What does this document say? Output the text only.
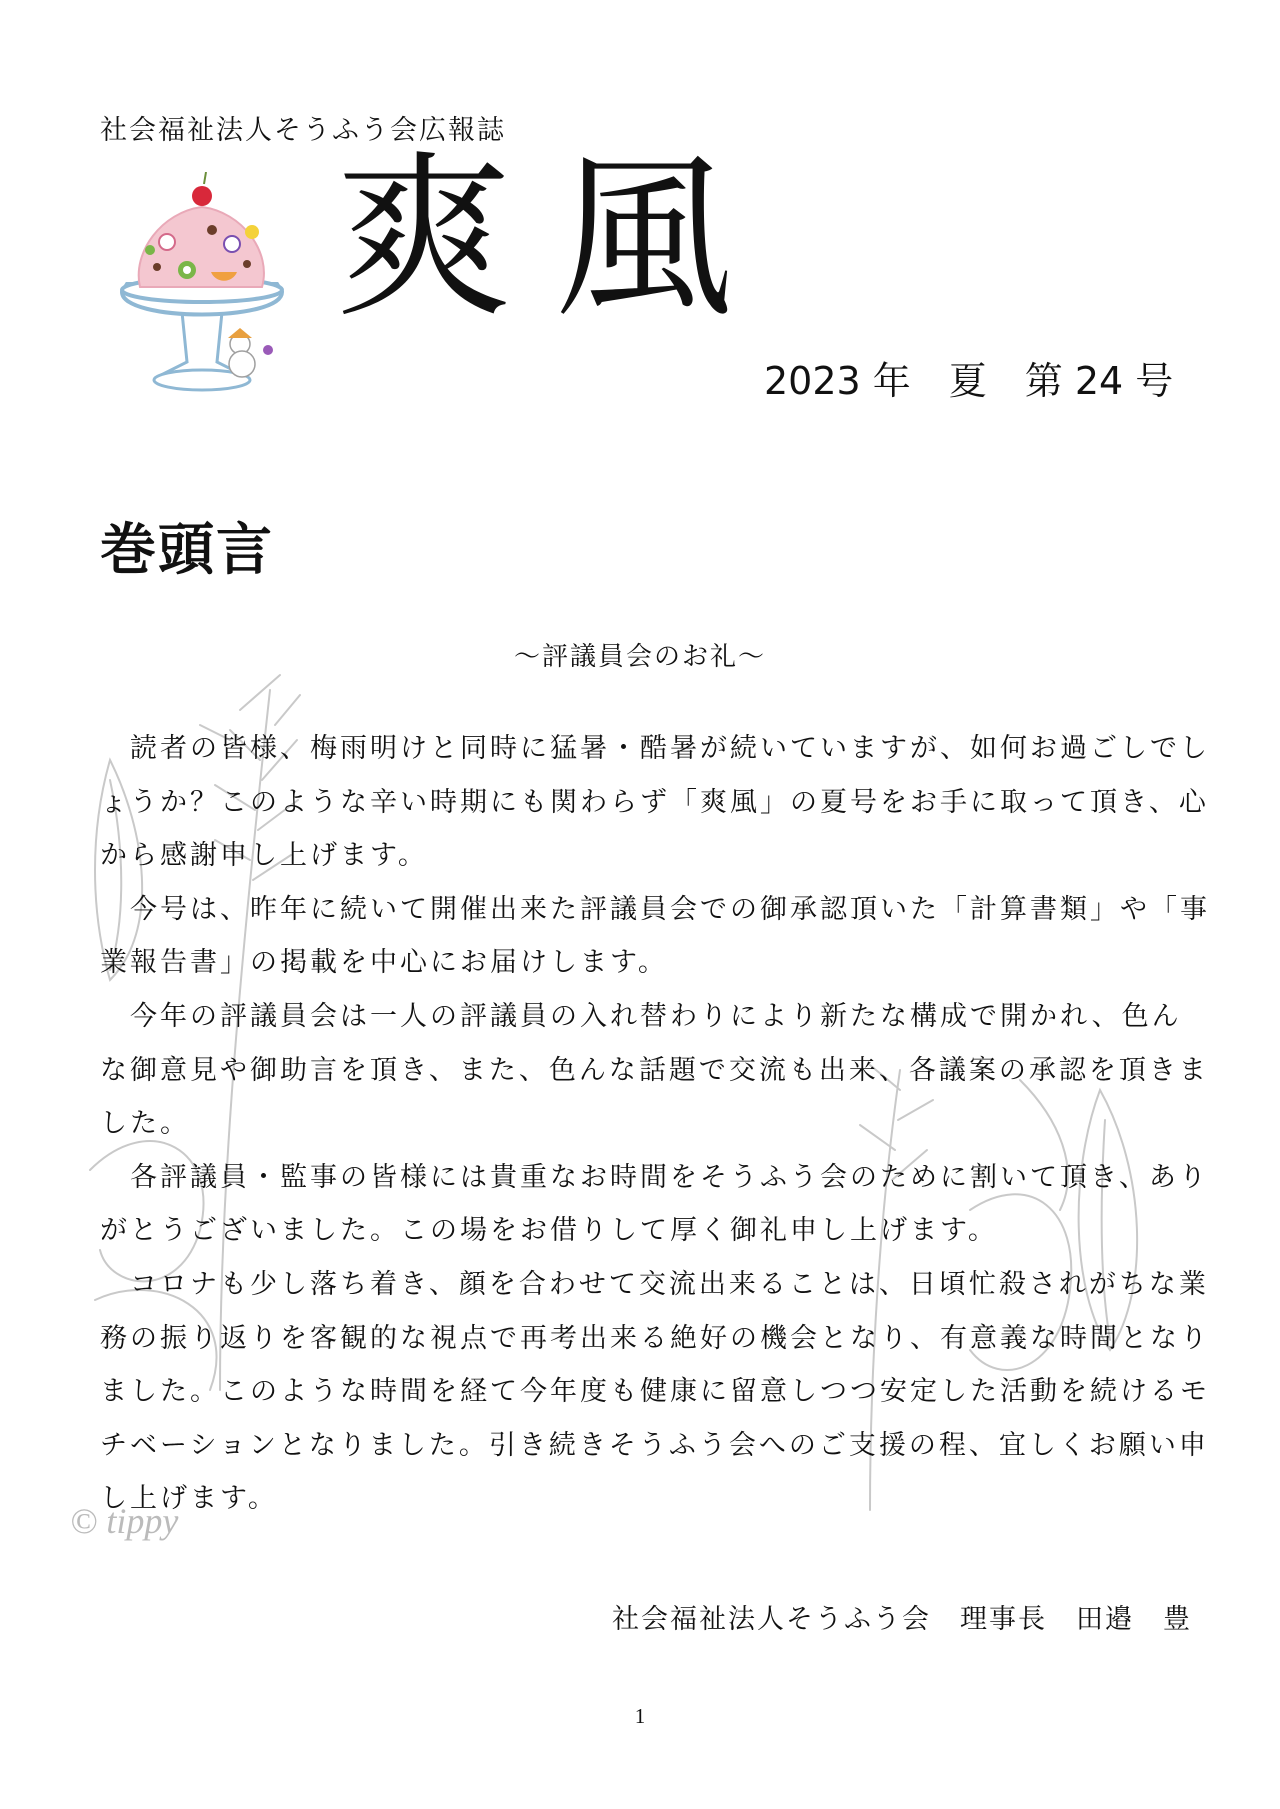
© tippy
社会福祉法人そうふう会広報誌
爽風
2023 年　夏　第 24 号
巻頭言
～評議員会のお礼～

読者の皆様、梅雨明けと同時に猛暑・酷暑が続いていますが、如何お過ごしでしょうか？このような辛い時期にも関わらず「爽風」の夏号をお手に取って頂き、心から感謝申し上げます。

今号は、昨年に続いて開催出来た評議員会での御承認頂いた「計算書類」や「事業報告書」の掲載を中心にお届けします。

今年の評議員会は一人の評議員の入れ替わりにより新たな構成で開かれ、色んな御意見や御助言を頂き、また、色んな話題で交流も出来、各議案の承認を頂きました。

各評議員・監事の皆様には貴重なお時間をそうふう会のために割いて頂き、ありがとうございました。この場をお借りして厚く御礼申し上げます。

コロナも少し落ち着き、顔を合わせて交流出来ることは、日頃忙殺されがちな業務の振り返りを客観的な視点で再考出来る絶好の機会となり、有意義な時間となりました。このような時間を経て今年度も健康に留意しつつ安定した活動を続けるモチベーションとなりました。引き続きそうふう会へのご支援の程、宜しくお願い申し上げます。

社会福祉法人そうふう会　理事長　田邉　豊
1
